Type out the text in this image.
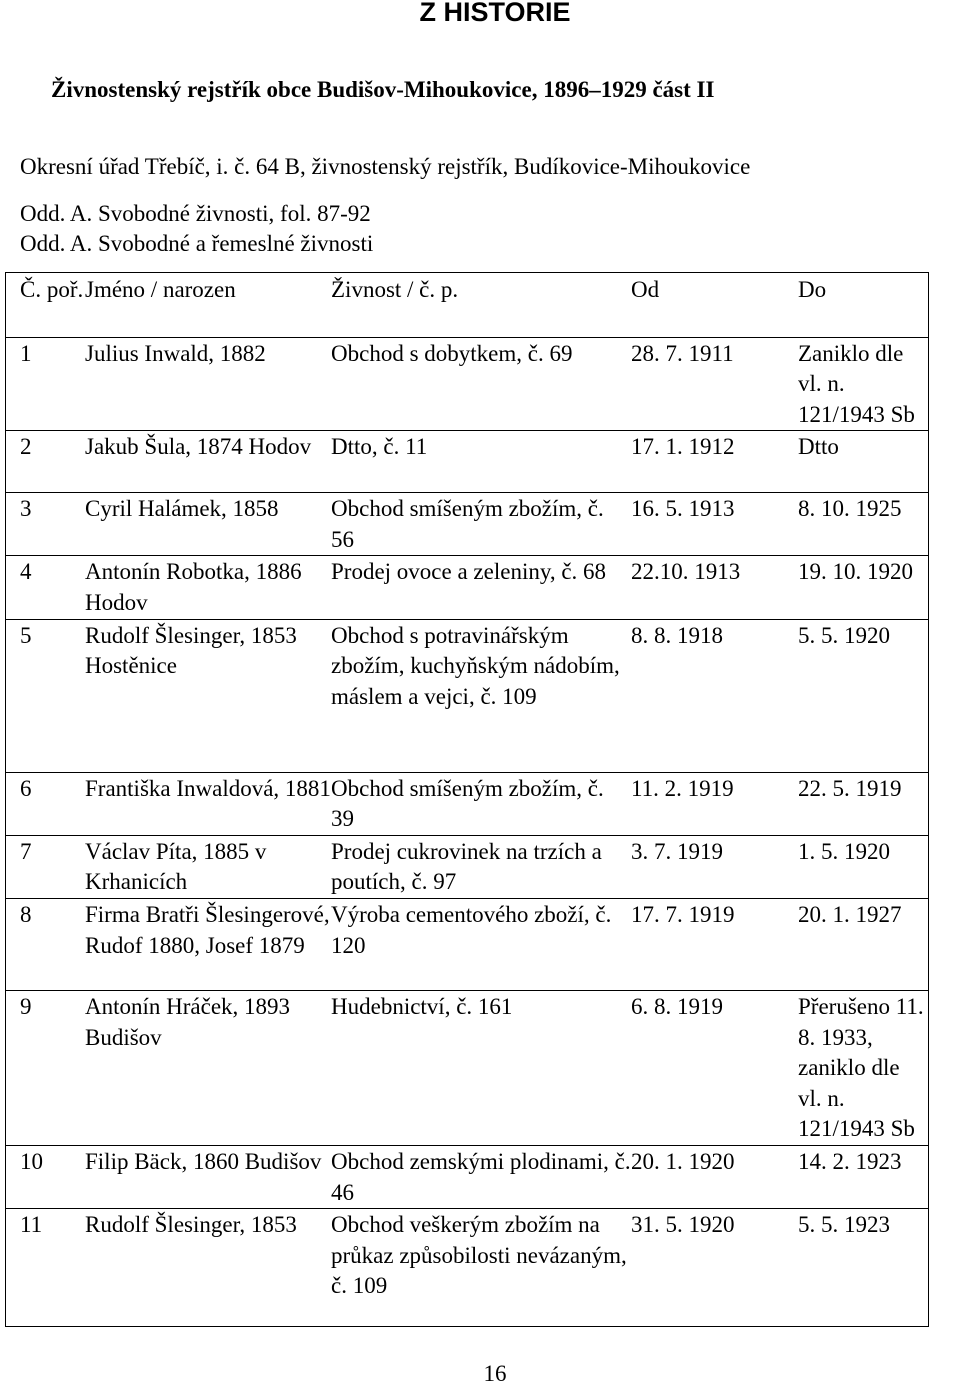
Z HISTORIE
Živnostenský rejstřík obce Budišov-Mihoukovice, 1896–1929 část II
Okresní úřad Třebíč, i. č. 64 B, živnostenský rejstřík, Budíkovice-Mihoukovice
Odd. A. Svobodné živnosti, fol. 87-92
Odd. A. Svobodné a řemeslné živnosti
Č. poř.	Jméno / narozen	Živnost / č. p.	Od	Do
1	Julius Inwald, 1882	Obchod s dobytkem, č. 69	28. 7. 1911	Zaniklo dle vl. n. 121/1943 Sb
2	Jakub Šula, 1874 Hodov	Dtto, č. 11	17. 1. 1912	Dtto
3	Cyril Halámek, 1858	Obchod smíšeným zbožím, č. 56	16. 5. 1913	8. 10. 1925
4	Antonín Robotka, 1886 Hodov	Prodej ovoce a zeleniny, č. 68	22.10. 1913	19. 10. 1920
5	Rudolf Šlesinger, 1853 Hostěnice	Obchod s potravinářským zbožím, kuchyňským nádobím, máslem a vejci, č. 109	8. 8. 1918	5. 5. 1920
6	Františka Inwaldová, 1881	Obchod smíšeným zbožím, č. 39	11. 2. 1919	22. 5. 1919
7	Václav Píta, 1885 v Krhanicích	Prodej cukrovinek na trzích a poutích, č. 97	3. 7. 1919	1. 5. 1920
8	Firma Bratři Šlesingerové, Rudof 1880, Josef 1879	Výroba cementového zboží, č. 120	17. 7. 1919	20. 1. 1927
9	Antonín Hráček, 1893 Budišov	Hudebnictví, č. 161	6. 8. 1919	Přerušeno 11. 8. 1933, zaniklo dle vl. n. 121/1943 Sb
10	Filip Bäck, 1860 Budišov	Obchod zemskými plodinami, č. 46	20. 1. 1920	14. 2. 1923
11	Rudolf Šlesinger, 1853	Obchod veškerým zbožím na průkaz způsobilosti nevázaným, č. 109	31. 5. 1920	5. 5. 1923
16
